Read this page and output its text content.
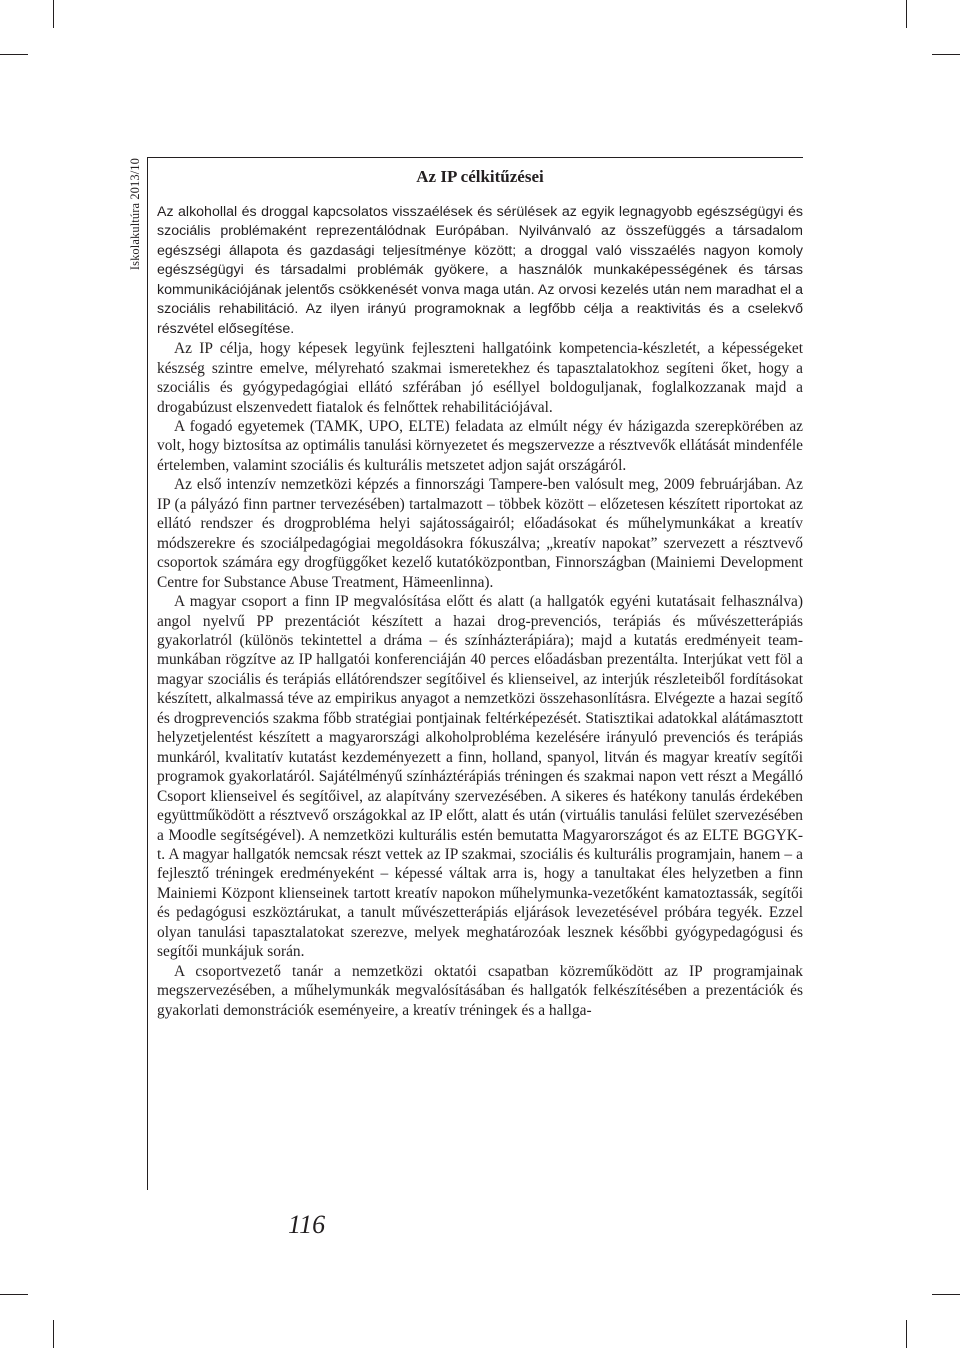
Iskolakultúra 2013/10	Az IP célkitűzései

Az alkohollal és droggal kapcsolatos visszaélések és sérülések az egyik legnagyobb egészségügyi és szociális problémaként reprezentálódnak Európában. Nyilvánvaló az összefüggés a társadalom egészségi állapota és gazdasági teljesítménye között; a droggal való visszaélés nagyon komoly egészségügyi és társadalmi problémák gyökere, a használók munkaképességének és társas kommunikációjának jelentős csökkenését vonva maga után. Az orvosi kezelés után nem maradhat el a szociális rehabilitáció. Az ilyen irányú programoknak a legfőbb célja a reaktivitás és a cselekvő részvétel elősegítése.

Az IP célja, hogy képesek legyünk fejleszteni hallgatóink kompetencia-készletét, a képességeket készség szintre emelve, mélyreható szakmai ismeretekhez és tapasztalatokhoz segíteni őket, hogy a szociális és gyógypedagógiai ellátó szférában jó eséllyel boldoguljanak, foglalkozzanak majd a drogabúzust elszenvedett fiatalok és felnőttek rehabilitációjával.

A fogadó egyetemek (TAMK, UPO, ELTE) feladata az elmúlt négy év házigazda szerepkörében az volt, hogy biztosítsa az optimális tanulási környezetet és megszervezze a résztvevők ellátását mindenféle értelemben, valamint szociális és kulturális metszetet adjon saját országáról.

Az első intenzív nemzetközi képzés a finnországi Tampere-ben valósult meg, 2009 februárjában. Az IP (a pályázó finn partner tervezésében) tartalmazott – többek között – előzetesen készített riportokat az ellátó rendszer és drogprobléma helyi sajátosságairól; előadásokat és műhelymunkákat a kreatív módszerekre és szociálpedagógiai megoldásokra fókuszálva; „kreatív napokat” szervezett a résztvevő csoportok számára egy drogfüggőket kezelő kutatóközpontban, Finnországban (Mainiemi Development Centre for Substance Abuse Treatment, Hämeenlinna).

A magyar csoport a finn IP megvalósítása előtt és alatt (a hallgatók egyéni kutatásait felhasználva) angol nyelvű PP prezentációt készített a hazai drog-prevenciós, terápiás és művészetterápiás gyakorlatról (különös tekintettel a dráma – és színházterápiára); majd a kutatás eredményeit team-munkában rögzítve az IP hallgatói konferenciáján 40 perces előadásban prezentálta. Interjúkat vett föl a magyar szociális és terápiás ellátórendszer segítőivel és klienseivel, az interjúk részleteiből fordításokat készített, alkalmassá téve az empirikus anyagot a nemzetközi összehasonlításra. Elvégezte a hazai segítő és drogprevenciós szakma főbb stratégiai pontjainak feltérképezését. Statisztikai adatokkal alátámasztott helyzetjelentést készített a magyarországi alkoholprobléma kezelésére irányuló prevenciós és terápiás munkáról, kvalitatív kutatást kezdeményezett a finn, holland, spanyol, litván és magyar kreatív segítői programok gyakorlatáról. Sajátélményű színháztérápiás tréningen és szakmai napon vett részt a Megálló Csoport klienseivel és segítőivel, az alapítvány szervezésében. A sikeres és hatékony tanulás érdekében együttműködött a résztvevő országokkal az IP előtt, alatt és után (virtuális tanulási felület szervezésében a Moodle segítségével). A nemzetközi kulturális estén bemutatta Magyarországot és az ELTE BGGYK-t. A magyar hallgatók nemcsak részt vettek az IP szakmai, szociális és kulturális programjain, hanem – a fejlesztő tréningek eredményeként – képessé váltak arra is, hogy a tanultakat éles helyzetben a finn Mainiemi Központ klienseinek tartott kreatív napokon műhelymunka-vezetőként kamatoztassák, segítői és pedagógusi eszköztárukat, a tanult művészetterápiás eljárások levezetésével próbára tegyék. Ezzel olyan tanulási tapasztalatokat szerezve, melyek meghatározóak lesznek későbbi gyógypedagógusi és segítői munkájuk során.

A csoportvezető tanár a nemzetközi oktatói csapatban közreműködött az IP programjainak megszervezésében, a műhelymunkák megvalósításában és hallgatók felkészítésében a prezentációk és gyakorlati demonstrációk eseményeire, a kreatív tréningek és a hallga-

116
